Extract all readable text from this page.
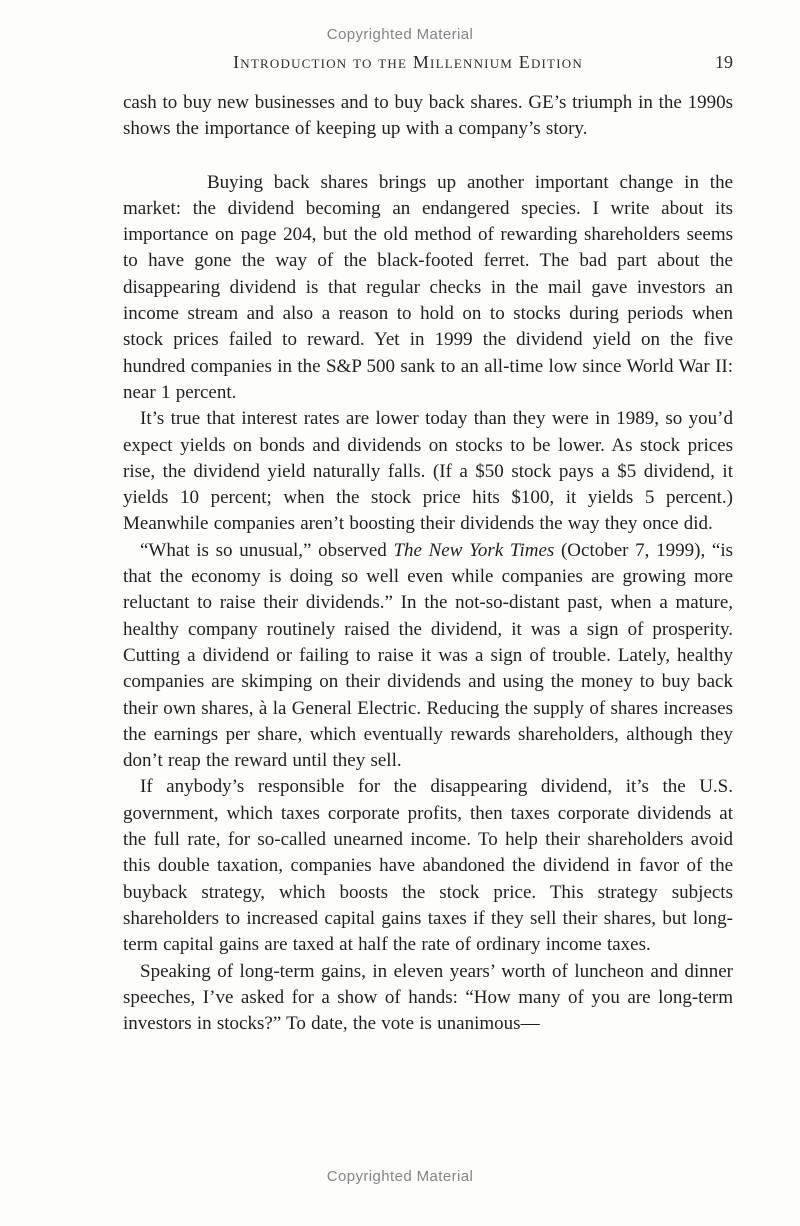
Copyrighted Material
Introduction to the Millennium Edition	19

cash to buy new businesses and to buy back shares. GE’s triumph in the 1990s shows the importance of keeping up with a company’s story.

Buying back shares brings up another important change in the market: the dividend becoming an endangered species. I write about its importance on page 204, but the old method of rewarding shareholders seems to have gone the way of the black-footed ferret. The bad part about the disappearing dividend is that regular checks in the mail gave investors an income stream and also a reason to hold on to stocks during periods when stock prices failed to reward. Yet in 1999 the dividend yield on the five hundred companies in the S&P 500 sank to an all-time low since World War II: near 1 percent.

It’s true that interest rates are lower today than they were in 1989, so you’d expect yields on bonds and dividends on stocks to be lower. As stock prices rise, the dividend yield naturally falls. (If a $50 stock pays a $5 dividend, it yields 10 percent; when the stock price hits $100, it yields 5 percent.) Meanwhile companies aren’t boosting their dividends the way they once did.

“What is so unusual,” observed The New York Times (October 7, 1999), “is that the economy is doing so well even while companies are growing more reluctant to raise their dividends.” In the not-so-distant past, when a mature, healthy company routinely raised the dividend, it was a sign of prosperity. Cutting a dividend or failing to raise it was a sign of trouble. Lately, healthy companies are skimping on their dividends and using the money to buy back their own shares, à la General Electric. Reducing the supply of shares increases the earnings per share, which eventually rewards shareholders, although they don’t reap the reward until they sell.

If anybody’s responsible for the disappearing dividend, it’s the U.S. government, which taxes corporate profits, then taxes corporate dividends at the full rate, for so-called unearned income. To help their shareholders avoid this double taxation, companies have abandoned the dividend in favor of the buyback strategy, which boosts the stock price. This strategy subjects shareholders to increased capital gains taxes if they sell their shares, but long-term capital gains are taxed at half the rate of ordinary income taxes.

Speaking of long-term gains, in eleven years’ worth of luncheon and dinner speeches, I’ve asked for a show of hands: “How many of you are long-term investors in stocks?” To date, the vote is unanimous—

Copyrighted Material
